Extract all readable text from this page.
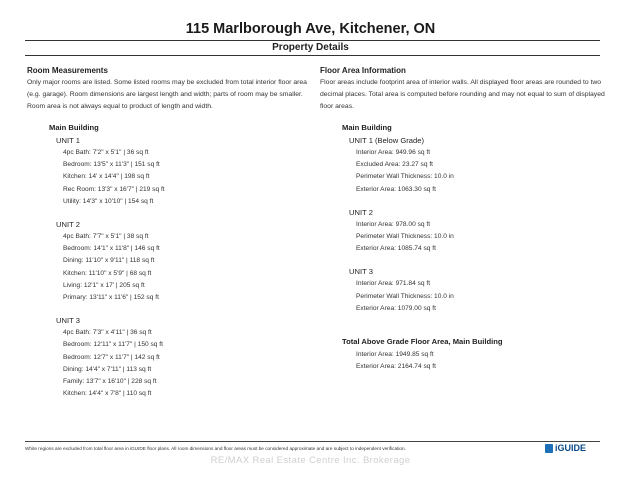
115 Marlborough Ave, Kitchener, ON
Property Details
Room Measurements
Only major rooms are listed. Some listed rooms may be excluded from total interior floor area (e.g. garage). Room dimensions are largest length and width; parts of room may be smaller. Room area is not always equal to product of length and width.
Main Building
UNIT 1
4pc Bath: 7'2" x 5'1" | 36 sq ft
Bedroom: 13'5" x 11'3" | 151 sq ft
Kitchen: 14' x 14'4" | 198 sq ft
Rec Room: 13'3" x 16'7" | 219 sq ft
Utility: 14'3" x 10'10" | 154 sq ft
UNIT 2
4pc Bath: 7'7" x 5'1" | 38 sq ft
Bedroom: 14'1" x 11'8" | 146 sq ft
Dining: 11'10" x 9'11" | 118 sq ft
Kitchen: 11'10" x 5'9" | 68 sq ft
Living: 12'1" x 17' | 205 sq ft
Primary: 13'11" x 11'6" | 152 sq ft
UNIT 3
4pc Bath: 7'3" x 4'11" | 36 sq ft
Bedroom: 12'11" x 11'7" | 150 sq ft
Bedroom: 12'7" x 11'7" | 142 sq ft
Dining: 14'4" x 7'11" | 113 sq ft
Family: 13'7" x 16'10" | 228 sq ft
Kitchen: 14'4" x 7'8" | 110 sq ft
Floor Area Information
Floor areas include footprint area of interior walls. All displayed floor areas are rounded to two decimal places. Total area is computed before rounding and may not equal to sum of displayed floor areas.
Main Building
UNIT 1 (Below Grade)
Interior Area: 949.96 sq ft
Excluded Area: 23.27 sq ft
Perimeter Wall Thickness: 10.0 in
Exterior Area: 1063.30 sq ft
UNIT 2
Interior Area: 978.00 sq ft
Perimeter Wall Thickness: 10.0 in
Exterior Area: 1085.74 sq ft
UNIT 3
Interior Area: 971.84 sq ft
Perimeter Wall Thickness: 10.0 in
Exterior Area: 1079.00 sq ft
Total Above Grade Floor Area, Main Building
Interior Area: 1949.85 sq ft
Exterior Area: 2164.74 sq ft
White regions are excluded from total floor area in iGUIDE floor plans. All room dimensions and floor areas must be considered approximate and are subject to independent verification.	iGUIDE
RE/MAX Real Estate Centre Inc. Brokerage
